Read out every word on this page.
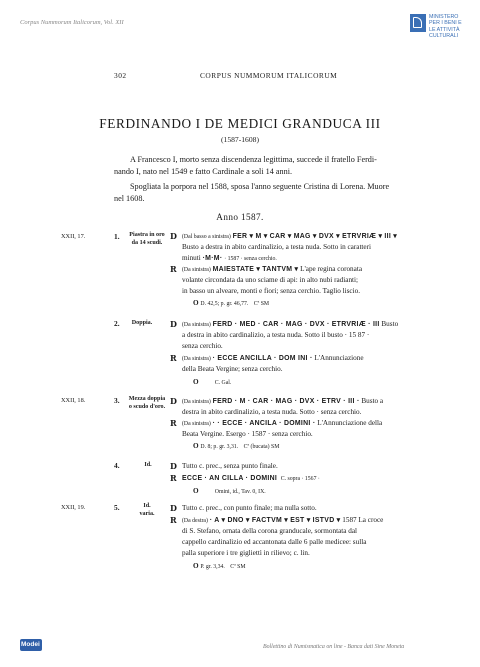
Corpus Nummorum Italicorum, Vol. XII
MINISTERO
PER I BENI E
LE ATTIVITÀ
CULTURALI
302	CORPUS NUMMORUM ITALICORUM
FERDINANDO I DE MEDICI GRANDUCA III
(1587-1608)
A Francesco I, morto senza discendenza legittima, succede il fratello Ferdi-
nando I, nato nel 1549 e fatto Cardinale a soli 14 anni.
Spogliata la porpora nel 1588, sposa l'anno seguente Cristina di Lorena. Muore
nel 1608.
Anno 1587.
XXII, 17.	1.	Piastra in oro
da 14 scudi.
D (Dal basso a sinistra) FER ▾ M ▾ CAR ▾ MAG ▾ DVX ▾ ETRVRIÆ ▾ III ▾
Busto a destra in abito cardinalizio, a testa nuda. Sotto in caratteri
minuti ·M·M· · 1587 · senza cerchio.
R (Da sinistra) MAIESTATE ▾ TANTVM ▾ L'ape regina coronata
volante circondata da uno sciame di api: in alto nubi radianti;
in basso un alveare, monti e fiori; senza cerchio. Taglio liscio.
O D. 42,5; p. gr. 46,77. Cª SM
2.	Doppia.	D (Da sinistra) FERD · MED · CAR · MAG · DVX · ETRVRIÆ · III Busto
a destra in abito cardinalizio, a testa nuda. Sotto il busto · 15 87 ·
senza cerchio.
R (Da sinistra) · ECCE ANCILLA · DOM INI · L'Annunciazione
della Beata Vergine; senza cerchio.
O	C. Gal.
XXII, 18.	3.	Mezza doppia
o scudo d'oro.
D (Da sinistra) FERD · M · CAR · MAG · DVX · ETRV · III · Busto a
destra in abito cardinalizio, a testa nuda. Sotto · senza cerchio.
R (Da sinistra) · · ECCE · ANCILA · DOMINI · L'Annunciazione della
Beata Vergine. Esergo · 1587 · senza cerchio.
O D. 8; p. gr. 3,31. Cª (bucata) SM
4.	Id.	D Tutto c. prec., senza punto finale.
R ECCE · AN CILLA · DOMINI C. sopra · 1567 ·
O	Omini, id., Tav. 0, IX.
XXII, 19.	5.	Id.
varia.
D Tutto c. prec., con punto finale; ma nulla sotto.
R (Da destra) · A ▾ DNO ▾ FACTVM ▾ EST ▾ ISTVD ▾ 1587 La croce
di S. Stefano, ornata della corona granducale, sormontata dal
cappello cardinalizio ed accantonata dalle 6 palle medicee: sulla
palla superiore i tre gigliettì in rilievo; c. lin.
O P. gr. 3,34. Cª SM
Modei	Bollettino di Numismatica on line - Banca dati Sine Moneta
